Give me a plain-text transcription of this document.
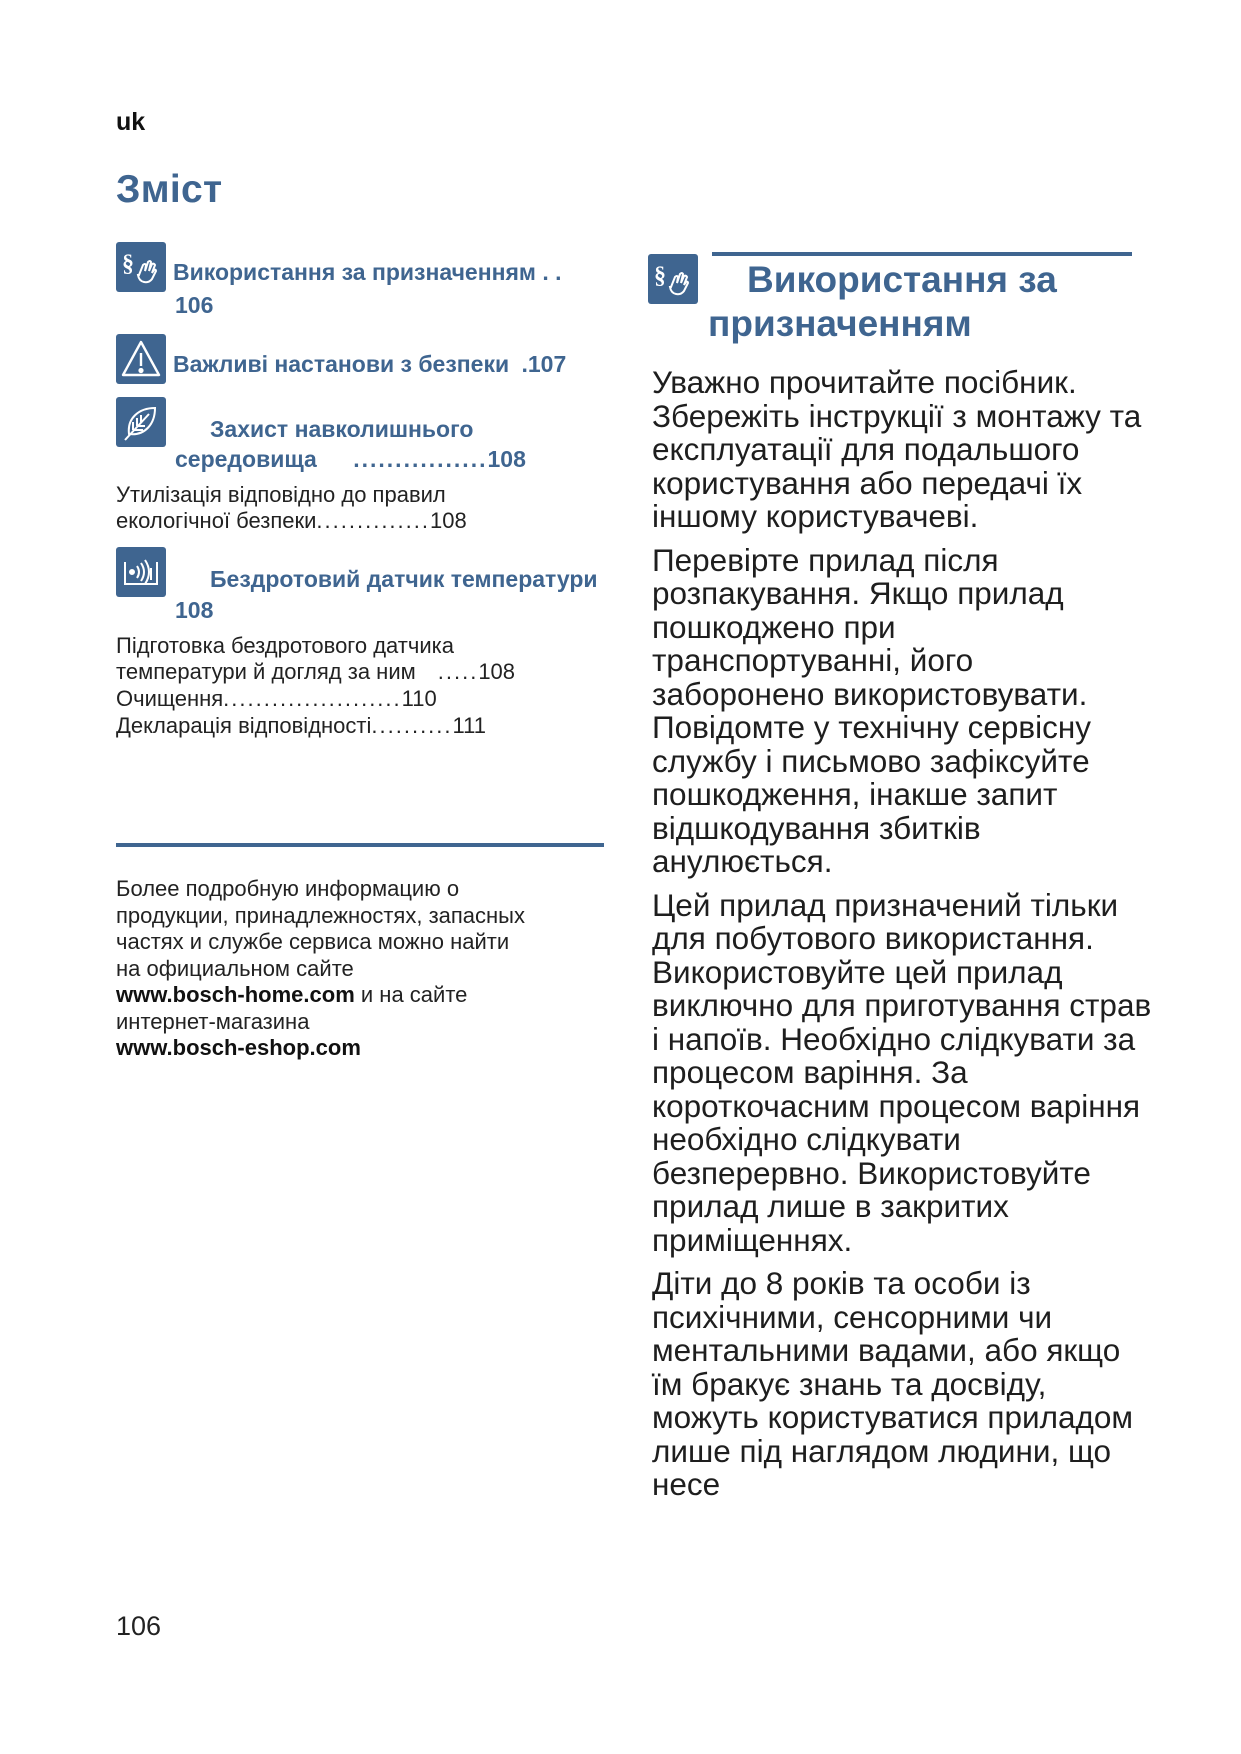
uk
Зміст
§ Використання за призначенням . .
106
Важливі настанови з безпеки .107
Захист навколишнього
середовища ................108
Утилізація відповідно до правил
екологічної безпеки..............108
Бездротовий датчик температури
108
Підготовка бездротового датчика
температури й догляд за ним .....108
Очищення......................110
Декларація відповідності..........111
Более подробную информацию о
продукции, принадлежностях, запасных
частях и службе сервиса можно найти
на официальном сайте
www.bosch-home.com и на сайте
интернет-магазина
www.bosch-eshop.com
§	Використання за
призначенням

Уважно прочитайте посібник. Збережіть інструкції з монтажу та експлуатації для подальшого користування або передачі їх іншому користувачеві.

Перевірте прилад після розпакування. Якщо прилад пошкоджено при транспортуванні, його заборонено використовувати. Повідомте у технічну сервісну службу і письмово зафіксуйте пошкодження, інакше запит відшкодування збитків анулюється.

Цей прилад призначений тільки для побутового використання. Використовуйте цей прилад виключно для приготування страв і напоїв. Необхідно слідкувати за процесом варіння. За короткочасним процесом варіння необхідно слідкувати безперервно. Використовуйте прилад лише в закритих приміщеннях.

Діти до 8 років та особи із психічними, сенсорними чи ментальними вадами, або якщо їм бракує знань та досвіду, можуть користуватися приладом лише під наглядом людини, що несе

106
